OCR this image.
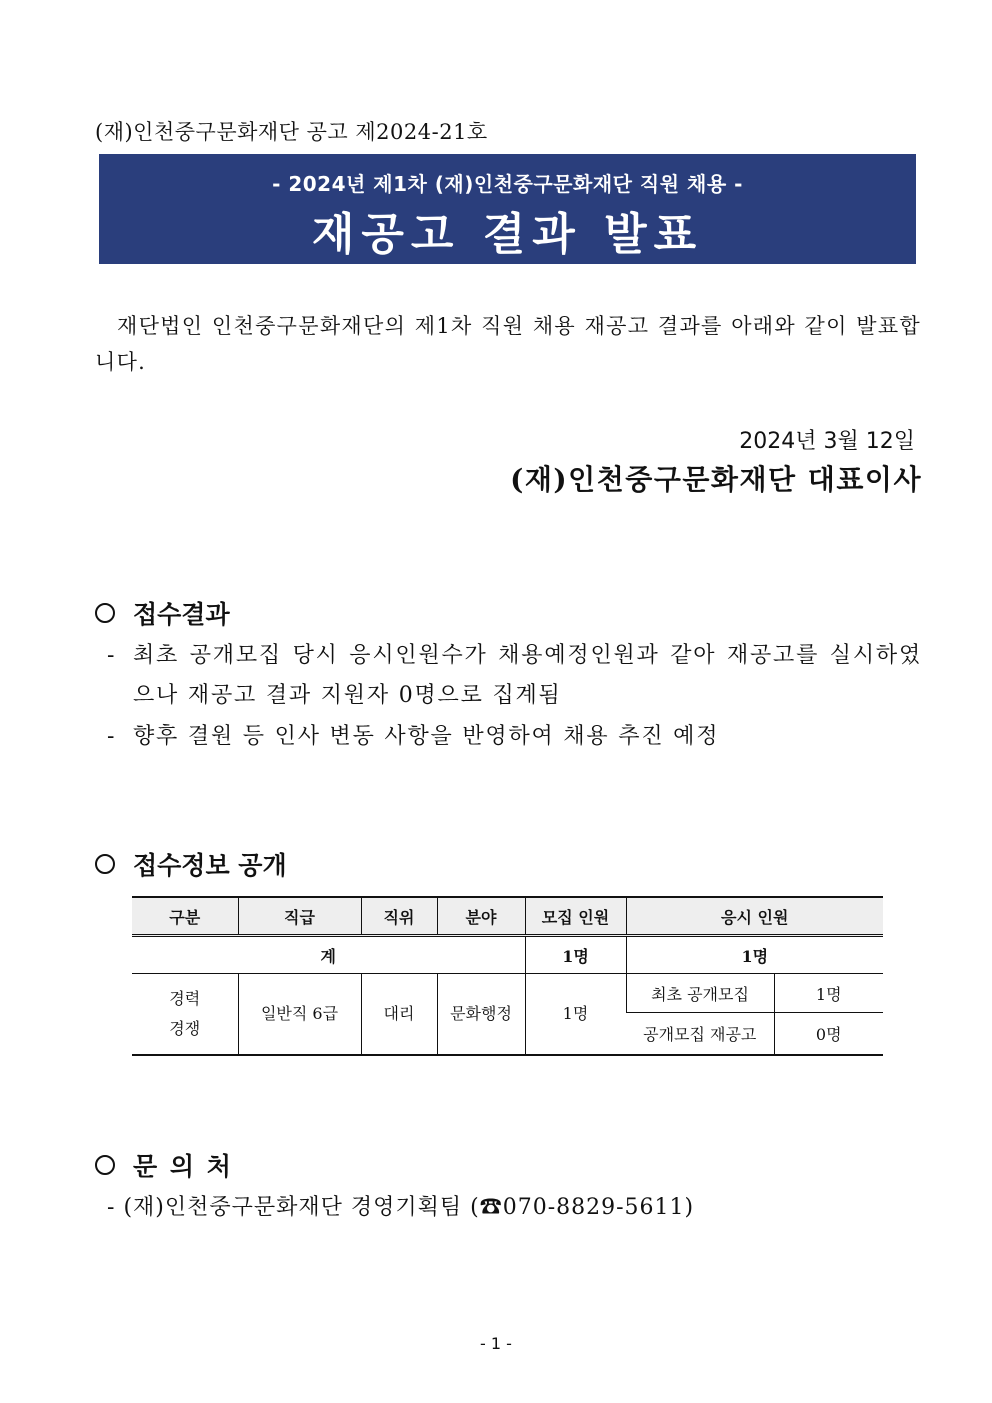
(재)인천중구문화재단 공고 제2024-21호
- 2024년 제1차 (재)인천중구문화재단 직원 채용 -
재공고 결과 발표
재단법인 인천중구문화재단의 제1차 직원 채용 재공고 결과를 아래와 같이 발표합니다.
2024년 3월 12일
(재)인천중구문화재단 대표이사
접수결과
- 최초 공개모집 당시 응시인원수가 채용예정인원과 같아 재공고를 실시하였으나 재공고 결과 지원자 0명으로 집계됨
- 향후 결원 등 인사 변동 사항을 반영하여 채용 추진 예정
접수정보 공개
구분	직급	직위	분야	모집 인원	응시 인원	
계				1명	1명	
경력
경쟁	일반직 6급	대리	문화행정	1명	최초 공개모집	1명
					공개모집 재공고	0명
문 의 처
- (재)인천중구문화재단 경영기획팀 (☎070-8829-5611)
- 1 -
